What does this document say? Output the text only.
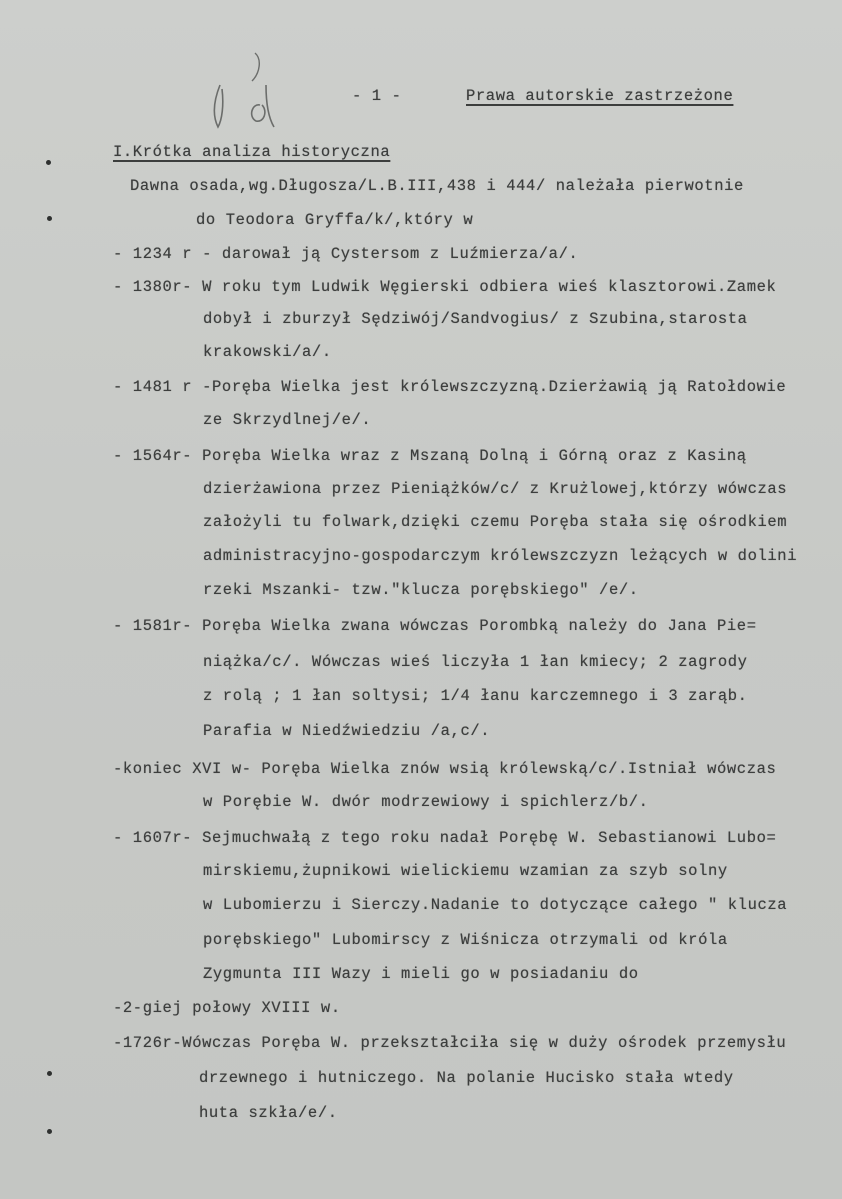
- 1 -	Prawa autorskie zastrzeżone
I.Krótka analiza historyczna
Dawna osada,wg.Długosza/L.B.III,438 i 444/ należała pierwotnie
do Teodora Gryffa/k/,który w
- 1234 r - darował ją Cystersom z Luźmierza/a/.
- 1380r- W roku tym Ludwik Węgierski odbiera wieś klasztorowi.Zamek
dobył i zburzył Sędziwój/Sandvogius/ z Szubina,starosta
krakowski/a/.
- 1481 r -Poręba Wielka jest królewszczyzną.Dzierżawią ją Ratołdowie
ze Skrzydlnej/e/.
- 1564r- Poręba Wielka wraz z Mszaną Dolną i Górną oraz z Kasiną
dzierżawiona przez Pieniążków/c/ z Krużlowej,którzy wówczas
założyli tu folwark,dzięki czemu Poręba stała się ośrodkiem
administracyjno-gospodarczym królewszczyzn leżących w dolini
rzeki Mszanki- tzw."klucza porębskiego" /e/.
- 1581r- Poręba Wielka zwana wówczas Porombką należy do Jana Pie=
niążka/c/. Wówczas wieś liczyła 1 łan kmiecy; 2 zagrody
z rolą ; 1 łan soltysi; 1/4 łanu karczemnego i 3 zarąb.
Parafia w Niedźwiedziu /a,c/.
-koniec XVI w- Poręba Wielka znów wsią królewską/c/.Istniał wówczas
w Porębie W. dwór modrzewiowy i spichlerz/b/.
- 1607r- Sejmuchwałą z tego roku nadał Porębę W. Sebastianowi Lubo=
mirskiemu,żupnikowi wielickiemu wzamian za szyb solny
w Lubomierzu i Sierczy.Nadanie to dotyczące całego " klucza
porębskiego" Lubomirscy z Wiśnicza otrzymali od króla
Zygmunta III Wazy i mieli go w posiadaniu do
-2-giej połowy XVIII w.
-1726r-Wówczas Poręba W. przekształciła się w duży ośrodek przemysłu
drzewnego i hutniczego. Na polanie Hucisko stała wtedy
huta szkła/e/.
